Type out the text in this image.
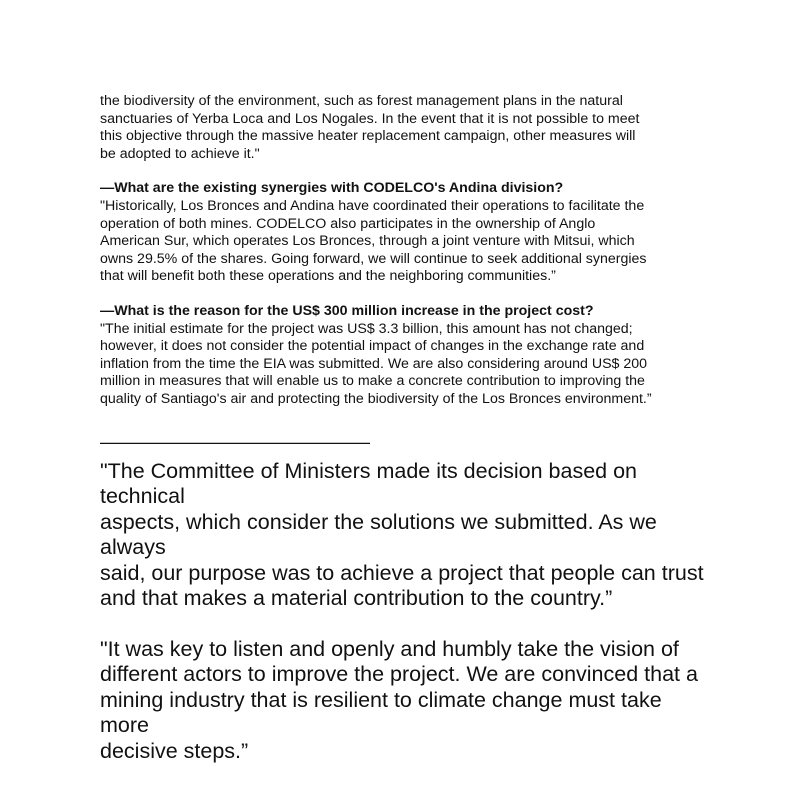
the biodiversity of the environment, such as forest management plans in the natural
sanctuaries of Yerba Loca and Los Nogales. In the event that it is not possible to meet
this objective through the massive heater replacement campaign, other measures will
be adopted to achieve it."

—What are the existing synergies with CODELCO's Andina division?

"Historically, Los Bronces and Andina have coordinated their operations to facilitate the
operation of both mines. CODELCO also participates in the ownership of Anglo
American Sur, which operates Los Bronces, through a joint venture with Mitsui, which
owns 29.5% of the shares. Going forward, we will continue to seek additional synergies
that will benefit both these operations and the neighboring communities.”

—What is the reason for the US$ 300 million increase in the project cost?

"The initial estimate for the project was US$ 3.3 billion, this amount has not changed;
however, it does not consider the potential impact of changes in the exchange rate and
inflation from the time the EIA was submitted. We are also considering around US$ 200
million in measures that will enable us to make a concrete contribution to improving the
quality of Santiago's air and protecting the biodiversity of the Los Bronces environment.”

———————————————

"The Committee of Ministers made its decision based on technical
aspects, which consider the solutions we submitted. As we always
said, our purpose was to achieve a project that people can trust
and that makes a material contribution to the country.”

"It was key to listen and openly and humbly take the vision of
different actors to improve the project. We are convinced that a
mining industry that is resilient to climate change must take more
decisive steps.”
